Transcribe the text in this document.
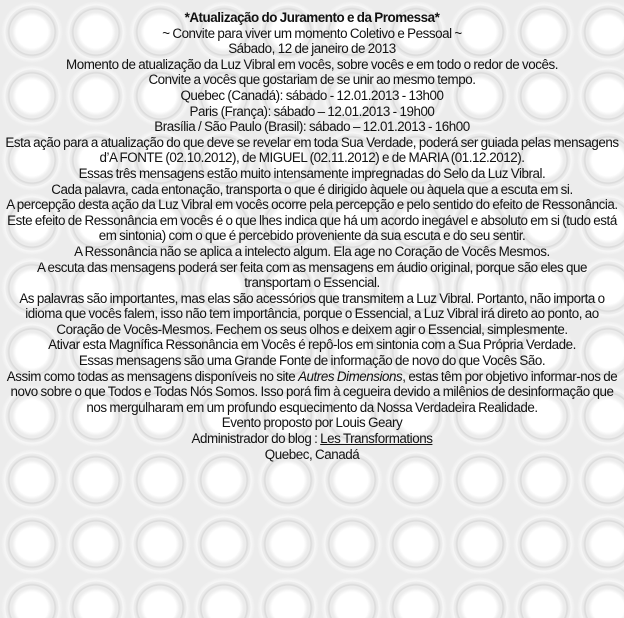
*Atualização do Juramento e da Promessa*

~ Convite para viver um momento Coletivo e Pessoal ~

Sábado, 12 de janeiro de 2013

Momento de atualização da Luz Vibral em vocês, sobre vocês e em todo o redor de vocês.

Convite a vocês que gostariam de se unir ao mesmo tempo.

Quebec (Canadá): sábado - 12.01.2013 - 13h00

Paris (França): sábado – 12.01.2013 - 19h00

Brasília / São Paulo (Brasil): sábado – 12.01.2013 - 16h00

Esta ação para a atualização do que deve se revelar em toda Sua Verdade, poderá ser guiada pelas mensagens d’A FONTE (02.10.2012), de MIGUEL (02.11.2012) e de MARIA (01.12.2012).

Essas três mensagens estão muito intensamente impregnadas do Selo da Luz Vibral.

Cada palavra, cada entonação, transporta o que é dirigido àquele ou àquela que a escuta em si.

A percepção desta ação da Luz Vibral em vocês ocorre pela percepção e pelo sentido do efeito de Ressonância.

Este efeito de Ressonância em vocês é o que lhes indica que há um acordo inegável e absoluto em si (tudo está em sintonia) com o que é percebido proveniente da sua escuta e do seu sentir.

A Ressonância não se aplica a intelecto algum. Ela age no Coração de Vocês Mesmos.

A escuta das mensagens poderá ser feita com as mensagens em áudio original, porque são eles que transportam o Essencial.

As palavras são importantes, mas elas são acessórios que transmitem a Luz Vibral. Portanto, não importa o idioma que vocês falem, isso não tem importância, porque o Essencial, a Luz Vibral irá direto ao ponto, ao Coração de Vocês-Mesmos. Fechem os seus olhos e deixem agir o Essencial, simplesmente.

Ativar esta Magnífica Ressonância em Vocês é repô-los em sintonia com a Sua Própria Verdade.

Essas mensagens são uma Grande Fonte de informação de novo do que Vocês São.

Assim como todas as mensagens disponíveis no site Autres Dimensions, estas têm por objetivo informar-nos de novo sobre o que Todos e Todas Nós Somos. Isso porá fim à cegueira devido a milênios de desinformação que nos mergulharam em um profundo esquecimento da Nossa Verdadeira Realidade.

Evento proposto por Louis Geary

Administrador do blog : Les Transformations

Quebec, Canadá
